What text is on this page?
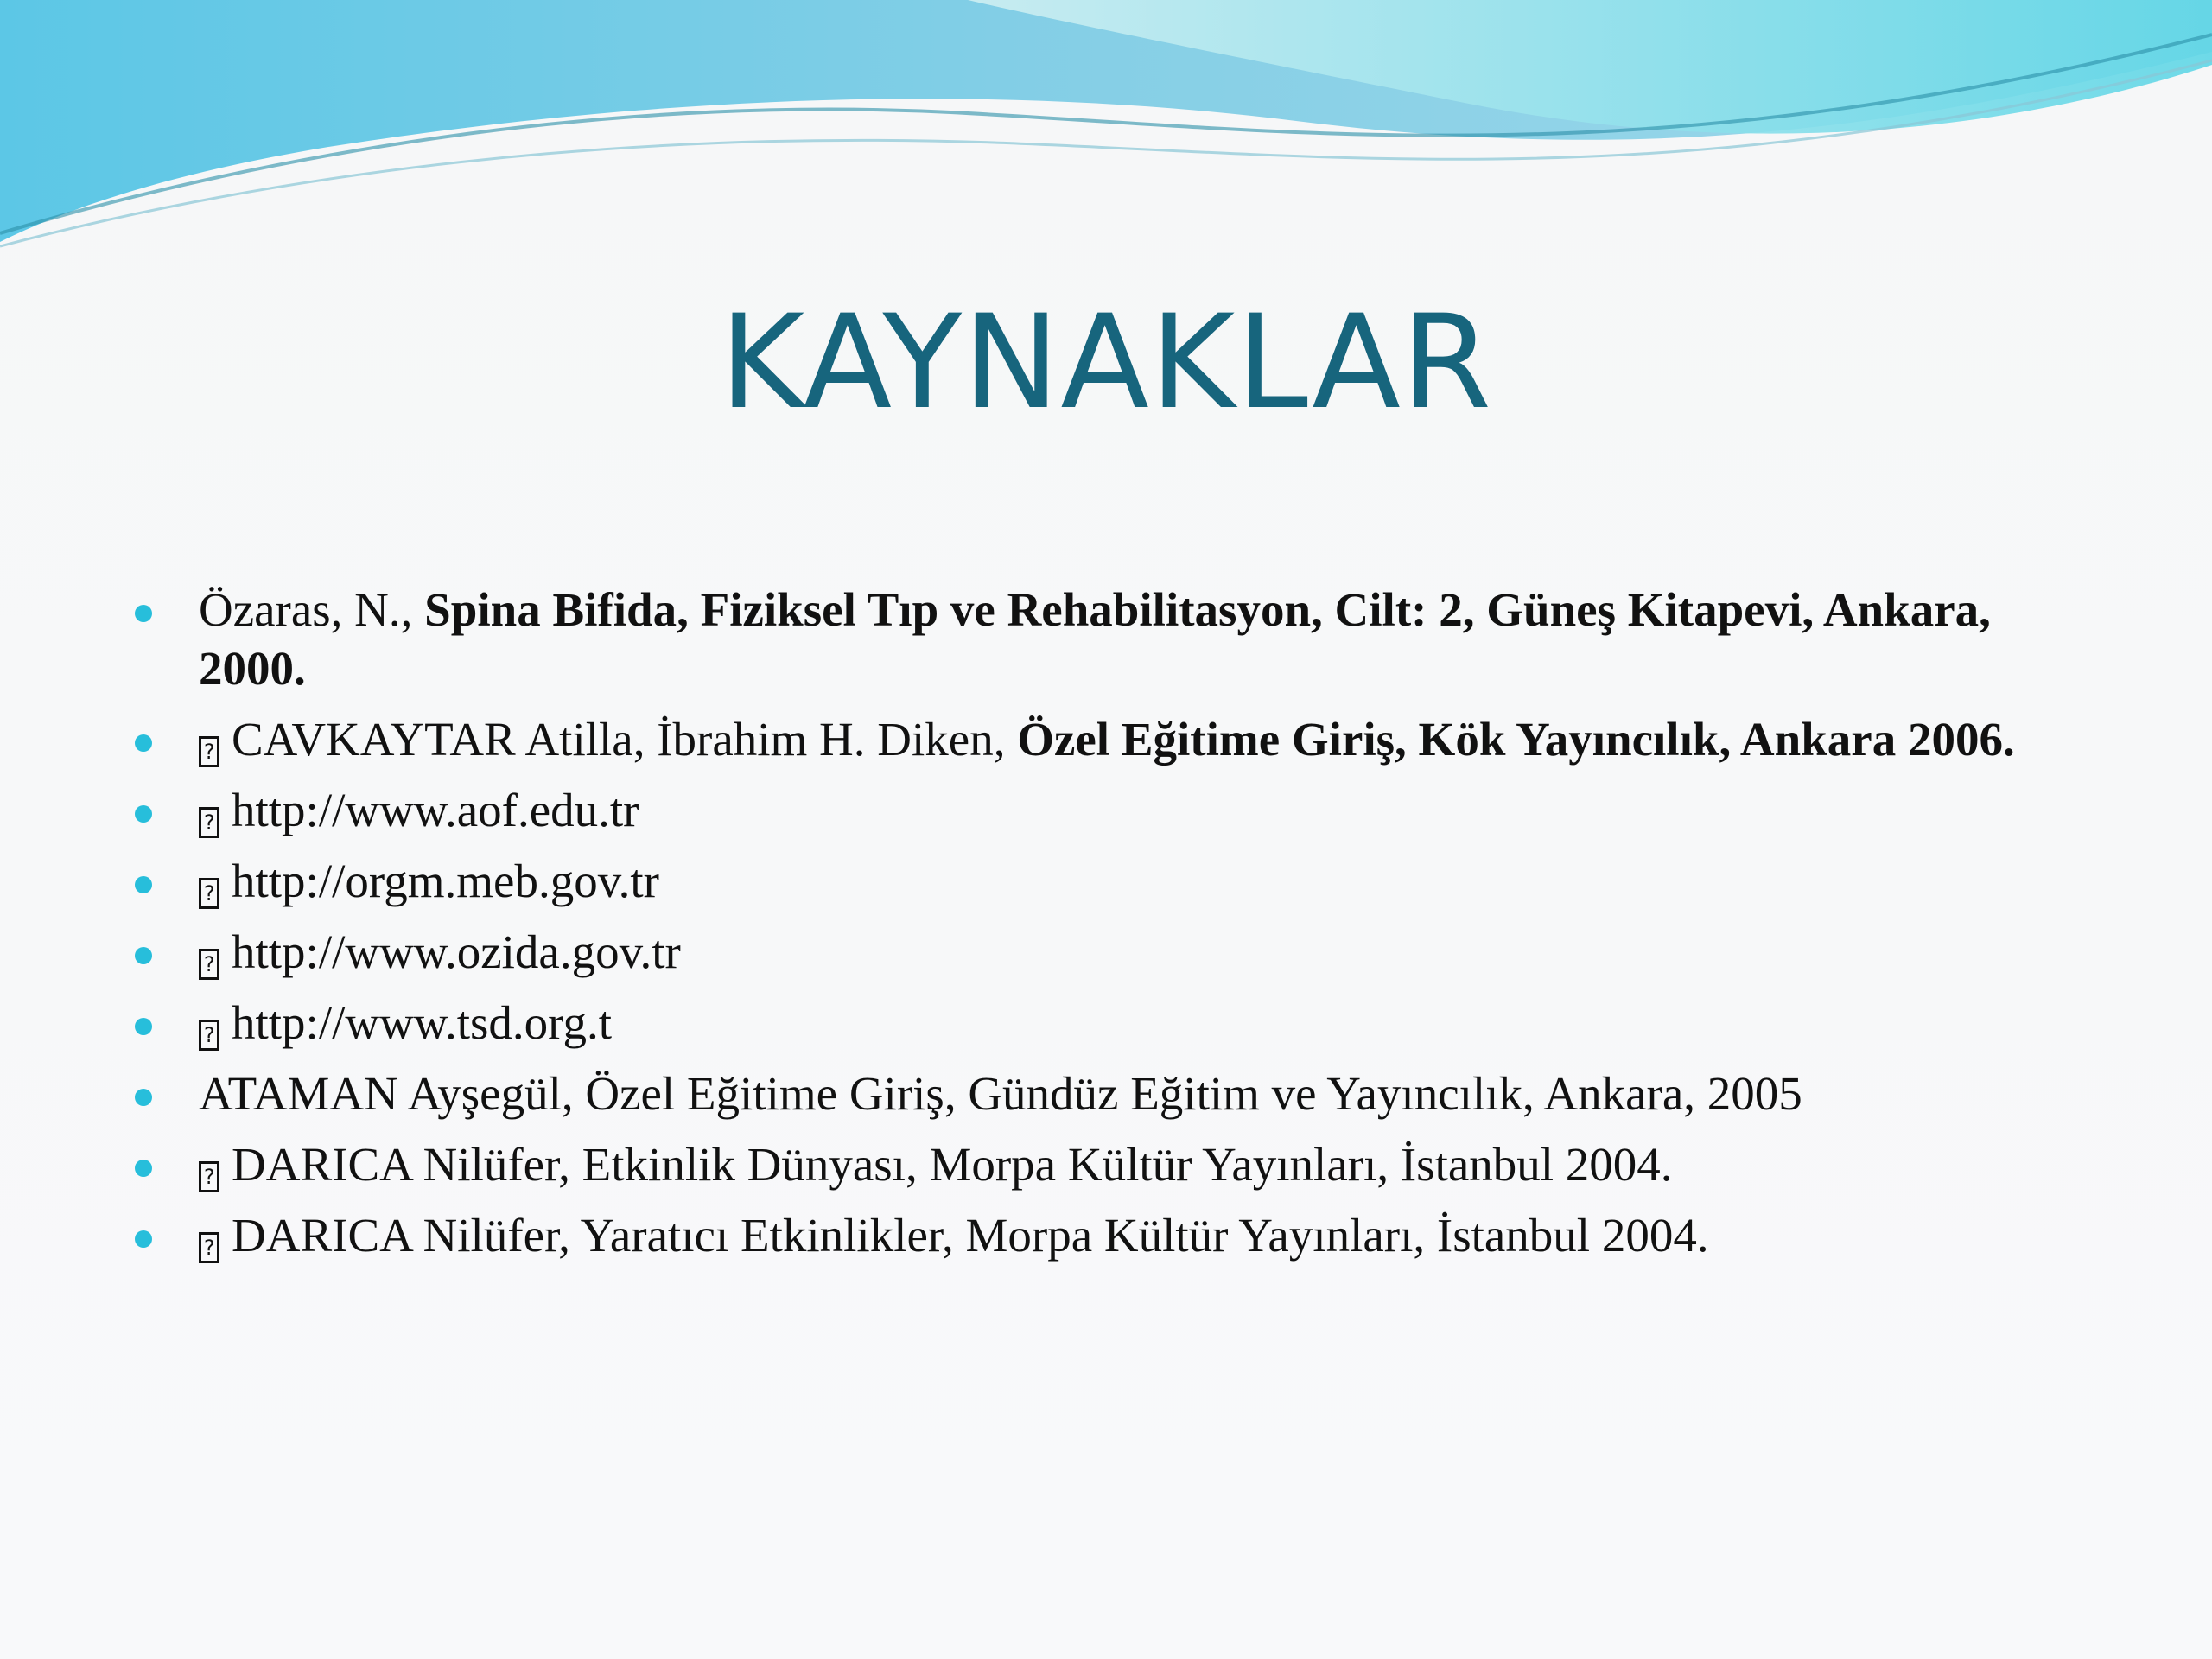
KAYNAKLAR
Özaras, N., Spina Bifida, Fiziksel Tıp ve Rehabilitasyon, Cilt: 2, Güneş Kitapevi, Ankara, 2000.
? CAVKAYTAR Atilla, İbrahim H. Diken, Özel Eğitime Giriş, Kök Yayıncılık, Ankara 2006.
? http://www.aof.edu.tr
? http://orgm.meb.gov.tr
? http://www.ozida.gov.tr
? http://www.tsd.org.t
ATAMAN Ayşegül, Özel Eğitime Giriş, Gündüz Eğitim ve Yayıncılık, Ankara, 2005
? DARICA Nilüfer, Etkinlik Dünyası, Morpa Kültür Yayınları, İstanbul 2004.
? DARICA Nilüfer, Yaratıcı Etkinlikler, Morpa Kültür Yayınları, İstanbul 2004.
